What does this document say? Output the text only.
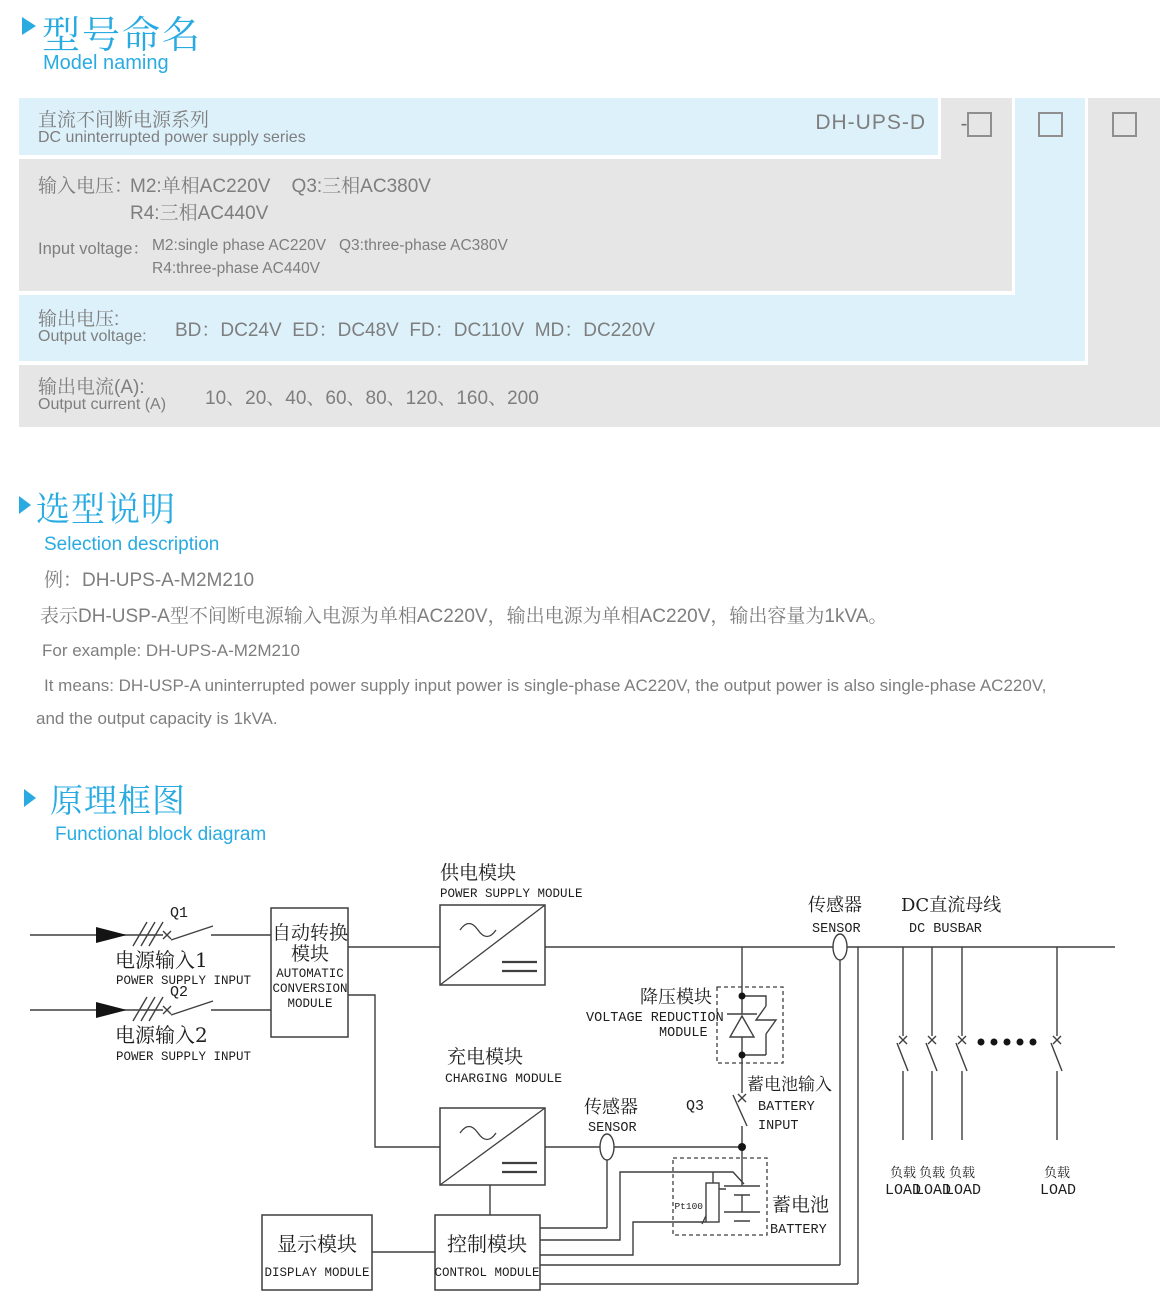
型号命名
Model naming
直流不间断电源系列
DC uninterrupted power supply series
DH-UPS-D	-
输入电压：
M2:单相AC220V    Q3:三相AC380V
R4:三相AC440V
Input voltage： M2:single phase AC220V   Q3:three-phase AC380V
R4:three-phase AC440V
输出电压:
Output voltage: BD：DC24V  ED：DC48V  FD：DC110V  MD：DC220V
输出电流(A):
Output current (A) 10、20、40、60、80、120、160、200
选型说明
Selection description
例：DH-UPS-A-M2M210
表示DH-USP-A型不间断电源输入电源为单相AC220V，输出电源为单相AC220V，输出容量为1kVA。
For example: DH-UPS-A-M2M210
It means: DH-USP-A uninterrupted power supply input power is single-phase AC220V, the output power is also single-phase AC220V,
and the output capacity is 1kVA.
原理框图
Functional block diagram
Q1
Q2
电源输入1
POWER SUPPLY INPUT
电源输入2
POWER SUPPLY INPUT
自动转换
模块
AUTOMATIC
CONVERSION
MODULE
供电模块
POWER SUPPLY MODULE
传感器
SENSOR
DC直流母线
DC BUSBAR
降压模块
VOLTAGE REDUCTION
MODULE
充电模块
CHARGING MODULE
传感器
SENSOR
Q3
蓄电池输入
BATTERY
INPUT
蓄电池
BATTERY
Pt100
显示模块
DISPLAY MODULE
控制模块
CONTROL MODULE
负载 负载 负载	负载
LOAD
LOAD
LOAD	LOAD
